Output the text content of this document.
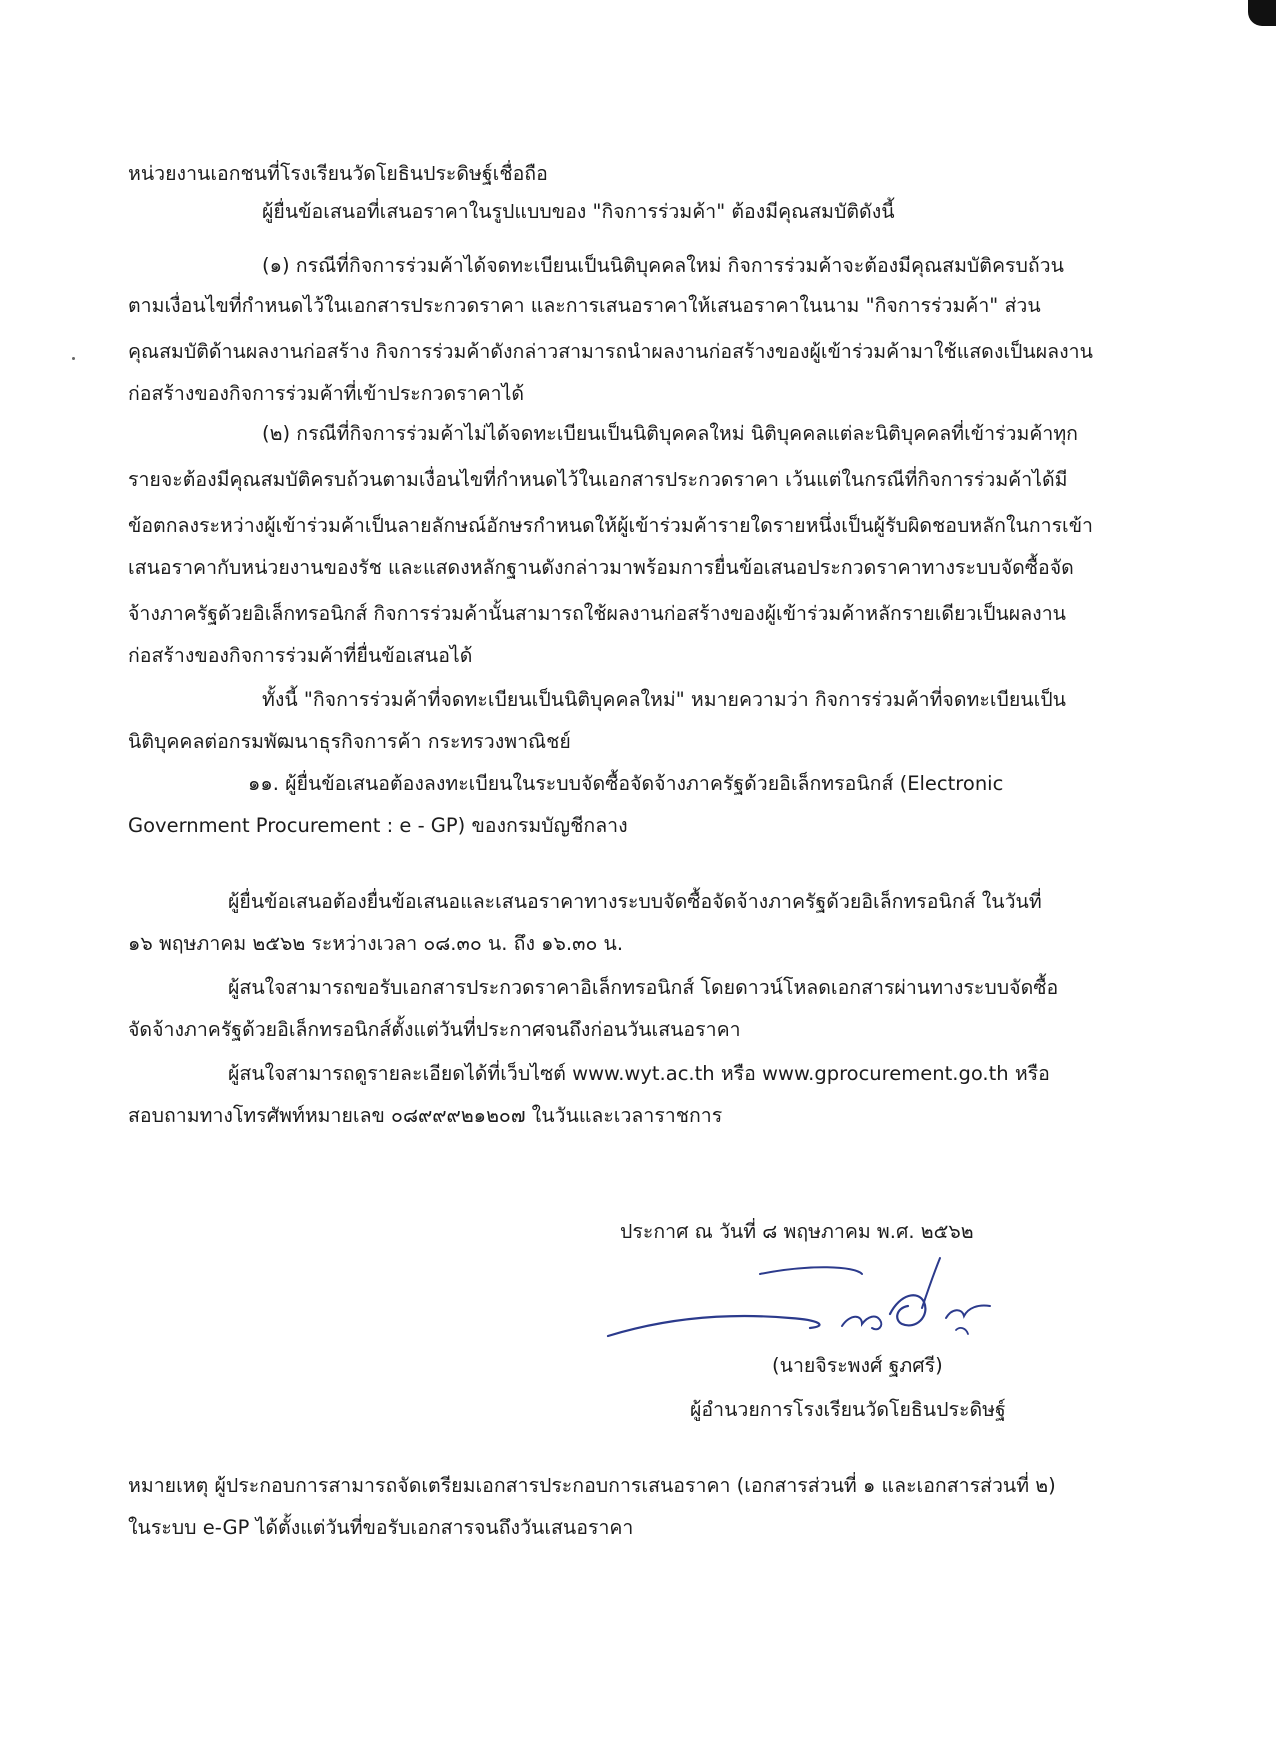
หน่วยงานเอกชนที่โรงเรียนวัดโยธินประดิษฐ์เชื่อถือ

ผู้ยื่นข้อเสนอที่เสนอราคาในรูปแบบของ "กิจการร่วมค้า" ต้องมีคุณสมบัติดังนี้

(๑) กรณีที่กิจการร่วมค้าได้จดทะเบียนเป็นนิติบุคคลใหม่ กิจการร่วมค้าจะต้องมีคุณสมบัติครบถ้วน

ตามเงื่อนไขที่กำหนดไว้ในเอกสารประกวดราคา และการเสนอราคาให้เสนอราคาในนาม "กิจการร่วมค้า" ส่วน

คุณสมบัติด้านผลงานก่อสร้าง กิจการร่วมค้าดังกล่าวสามารถนำผลงานก่อสร้างของผู้เข้าร่วมค้ามาใช้แสดงเป็นผลงาน

ก่อสร้างของกิจการร่วมค้าที่เข้าประกวดราคาได้

(๒) กรณีที่กิจการร่วมค้าไม่ได้จดทะเบียนเป็นนิติบุคคลใหม่ นิติบุคคลแต่ละนิติบุคคลที่เข้าร่วมค้าทุก

รายจะต้องมีคุณสมบัติครบถ้วนตามเงื่อนไขที่กำหนดไว้ในเอกสารประกวดราคา เว้นแต่ในกรณีที่กิจการร่วมค้าได้มี

ข้อตกลงระหว่างผู้เข้าร่วมค้าเป็นลายลักษณ์อักษรกำหนดให้ผู้เข้าร่วมค้ารายใดรายหนึ่งเป็นผู้รับผิดชอบหลักในการเข้า

เสนอราคากับหน่วยงานของรัช และแสดงหลักฐานดังกล่าวมาพร้อมการยื่นข้อเสนอประกวดราคาทางระบบจัดซื้อจัด

จ้างภาครัฐด้วยอิเล็กทรอนิกส์ กิจการร่วมค้านั้นสามารถใช้ผลงานก่อสร้างของผู้เข้าร่วมค้าหลักรายเดียวเป็นผลงาน

ก่อสร้างของกิจการร่วมค้าที่ยื่นข้อเสนอได้

ทั้งนี้ "กิจการร่วมค้าที่จดทะเบียนเป็นนิติบุคคลใหม่" หมายความว่า กิจการร่วมค้าที่จดทะเบียนเป็น

นิติบุคคลต่อกรมพัฒนาธุรกิจการค้า กระทรวงพาณิชย์

๑๑. ผู้ยื่นข้อเสนอต้องลงทะเบียนในระบบจัดซื้อจัดจ้างภาครัฐด้วยอิเล็กทรอนิกส์ (Electronic

Government Procurement : e - GP) ของกรมบัญชีกลาง

ผู้ยื่นข้อเสนอต้องยื่นข้อเสนอและเสนอราคาทางระบบจัดซื้อจัดจ้างภาครัฐด้วยอิเล็กทรอนิกส์ ในวันที่

๑๖ พฤษภาคม ๒๕๖๒ ระหว่างเวลา ๐๘.๓๐ น. ถึง ๑๖.๓๐ น.

ผู้สนใจสามารถขอรับเอกสารประกวดราคาอิเล็กทรอนิกส์ โดยดาวน์โหลดเอกสารผ่านทางระบบจัดซื้อ

จัดจ้างภาครัฐด้วยอิเล็กทรอนิกส์ตั้งแต่วันที่ประกาศจนถึงก่อนวันเสนอราคา

ผู้สนใจสามารถดูรายละเอียดได้ที่เว็บไซต์ www.wyt.ac.th หรือ www.gprocurement.go.th หรือ

สอบถามทางโทรศัพท์หมายเลข ๐๘๙๙๙๒๑๒๐๗ ในวันและเวลาราชการ

ประกาศ ณ วันที่ ๘ พฤษภาคม พ.ศ. ๒๕๖๒

(นายจิระพงศ์ ฐภศรี)

ผู้อำนวยการโรงเรียนวัดโยธินประดิษฐ์

หมายเหตุ ผู้ประกอบการสามารถจัดเตรียมเอกสารประกอบการเสนอราคา (เอกสารส่วนที่ ๑ และเอกสารส่วนที่ ๒)

ในระบบ e-GP ได้ตั้งแต่วันที่ขอรับเอกสารจนถึงวันเสนอราคา
